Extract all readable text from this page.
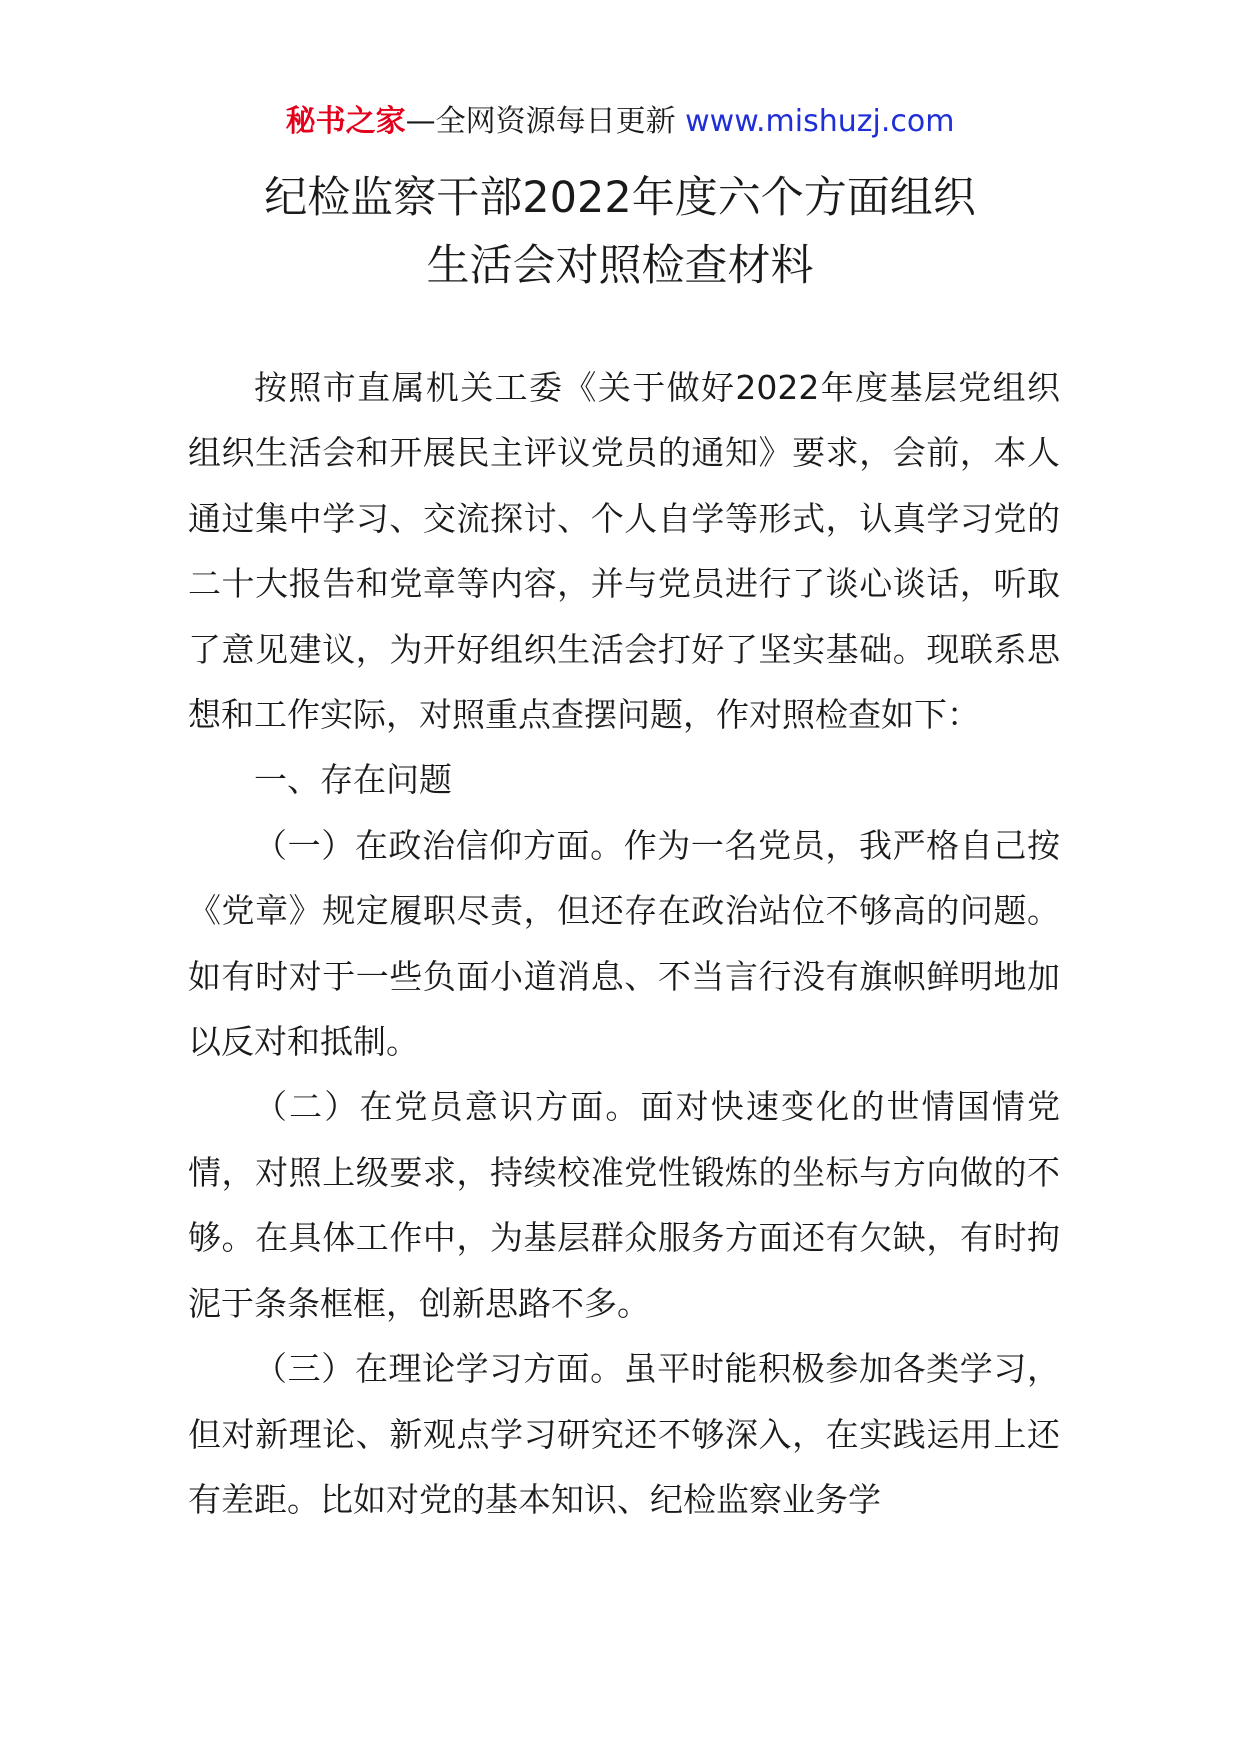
秘书之家—全网资源每日更新 www.mishuzj.com
纪检监察干部2022年度六个方面组织
生活会对照检查材料

按照市直属机关工委《关于做好2022年度基层党组织组织生活会和开展民主评议党员的通知》要求，会前，本人通过集中学习、交流探讨、个人自学等形式，认真学习党的二十大报告和党章等内容，并与党员进行了谈心谈话，听取了意见建议，为开好组织生活会打好了坚实基础。现联系思想和工作实际，对照重点查摆问题，作对照检查如下：

一、存在问题

（一）在政治信仰方面。作为一名党员，我严格自己按《党章》规定履职尽责，但还存在政治站位不够高的问题。如有时对于一些负面小道消息、不当言行没有旗帜鲜明地加以反对和抵制。

（二）在党员意识方面。面对快速变化的世情国情党情，对照上级要求，持续校准党性锻炼的坐标与方向做的不够。在具体工作中，为基层群众服务方面还有欠缺，有时拘泥于条条框框，创新思路不多。

（三）在理论学习方面。虽平时能积极参加各类学习，但对新理论、新观点学习研究还不够深入，在实践运用上还有差距。比如对党的基本知识、纪检监察业务学
